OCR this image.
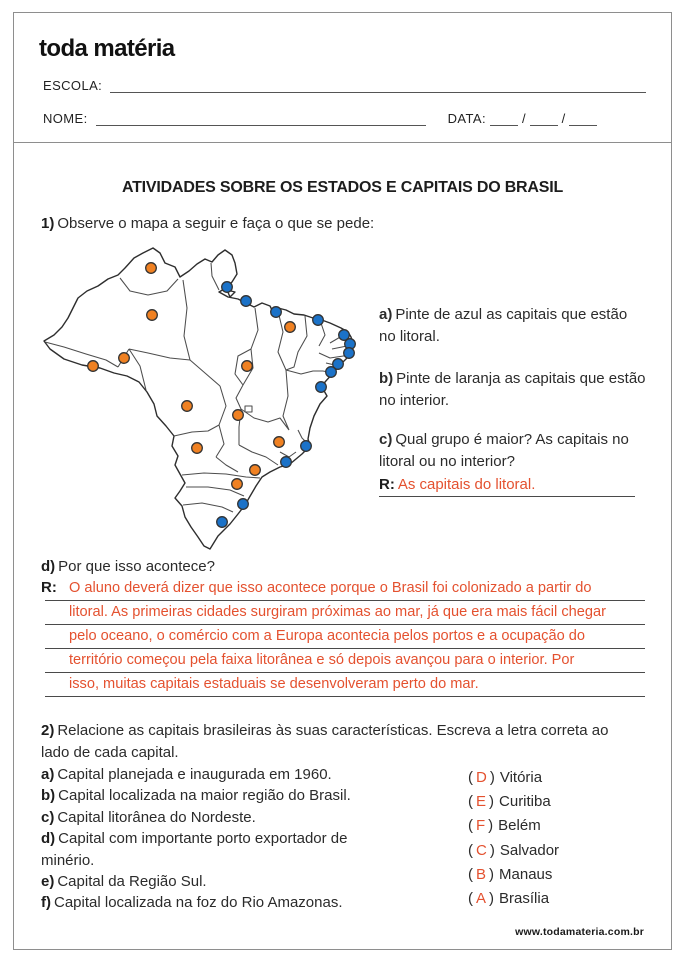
toda matéria
ESCOLA:
NOME:	DATA:	/	/
ATIVIDADES SOBRE OS ESTADOS E CAPITAIS DO BRASIL
1) Observe o mapa a seguir e faça o que se pede:
a) Pinte de azul as capitais que estão no litoral.
b) Pinte de laranja as capitais que estão no interior.
c) Qual grupo é maior? As capitais no litoral ou no interior?
R: As capitais do litoral.
d) Por que isso acontece?
R: O aluno deverá dizer que isso acontece porque o Brasil foi colonizado a partir do
litoral. As primeiras cidades surgiram próximas ao mar, já que era mais fácil chegar
pelo oceano, o comércio com a Europa acontecia pelos portos e a ocupação do
território começou pela faixa litorânea e só depois avançou para o interior. Por
isso, muitas capitais estaduais se desenvolveram perto do mar.
2) Relacione as capitais brasileiras às suas características. Escreva a letra correta ao lado de cada capital.
a) Capital planejada e inaugurada em 1960.
b) Capital localizada na maior região do Brasil.
c) Capital litorânea do Nordeste.
d) Capital com importante porto exportador de minério.
e) Capital da Região Sul.
f) Capital localizada na foz do Rio Amazonas.
( D ) Vitória
( E ) Curitiba
( F ) Belém
( C ) Salvador
( B ) Manaus
( A ) Brasília
www.todamateria.com.br
